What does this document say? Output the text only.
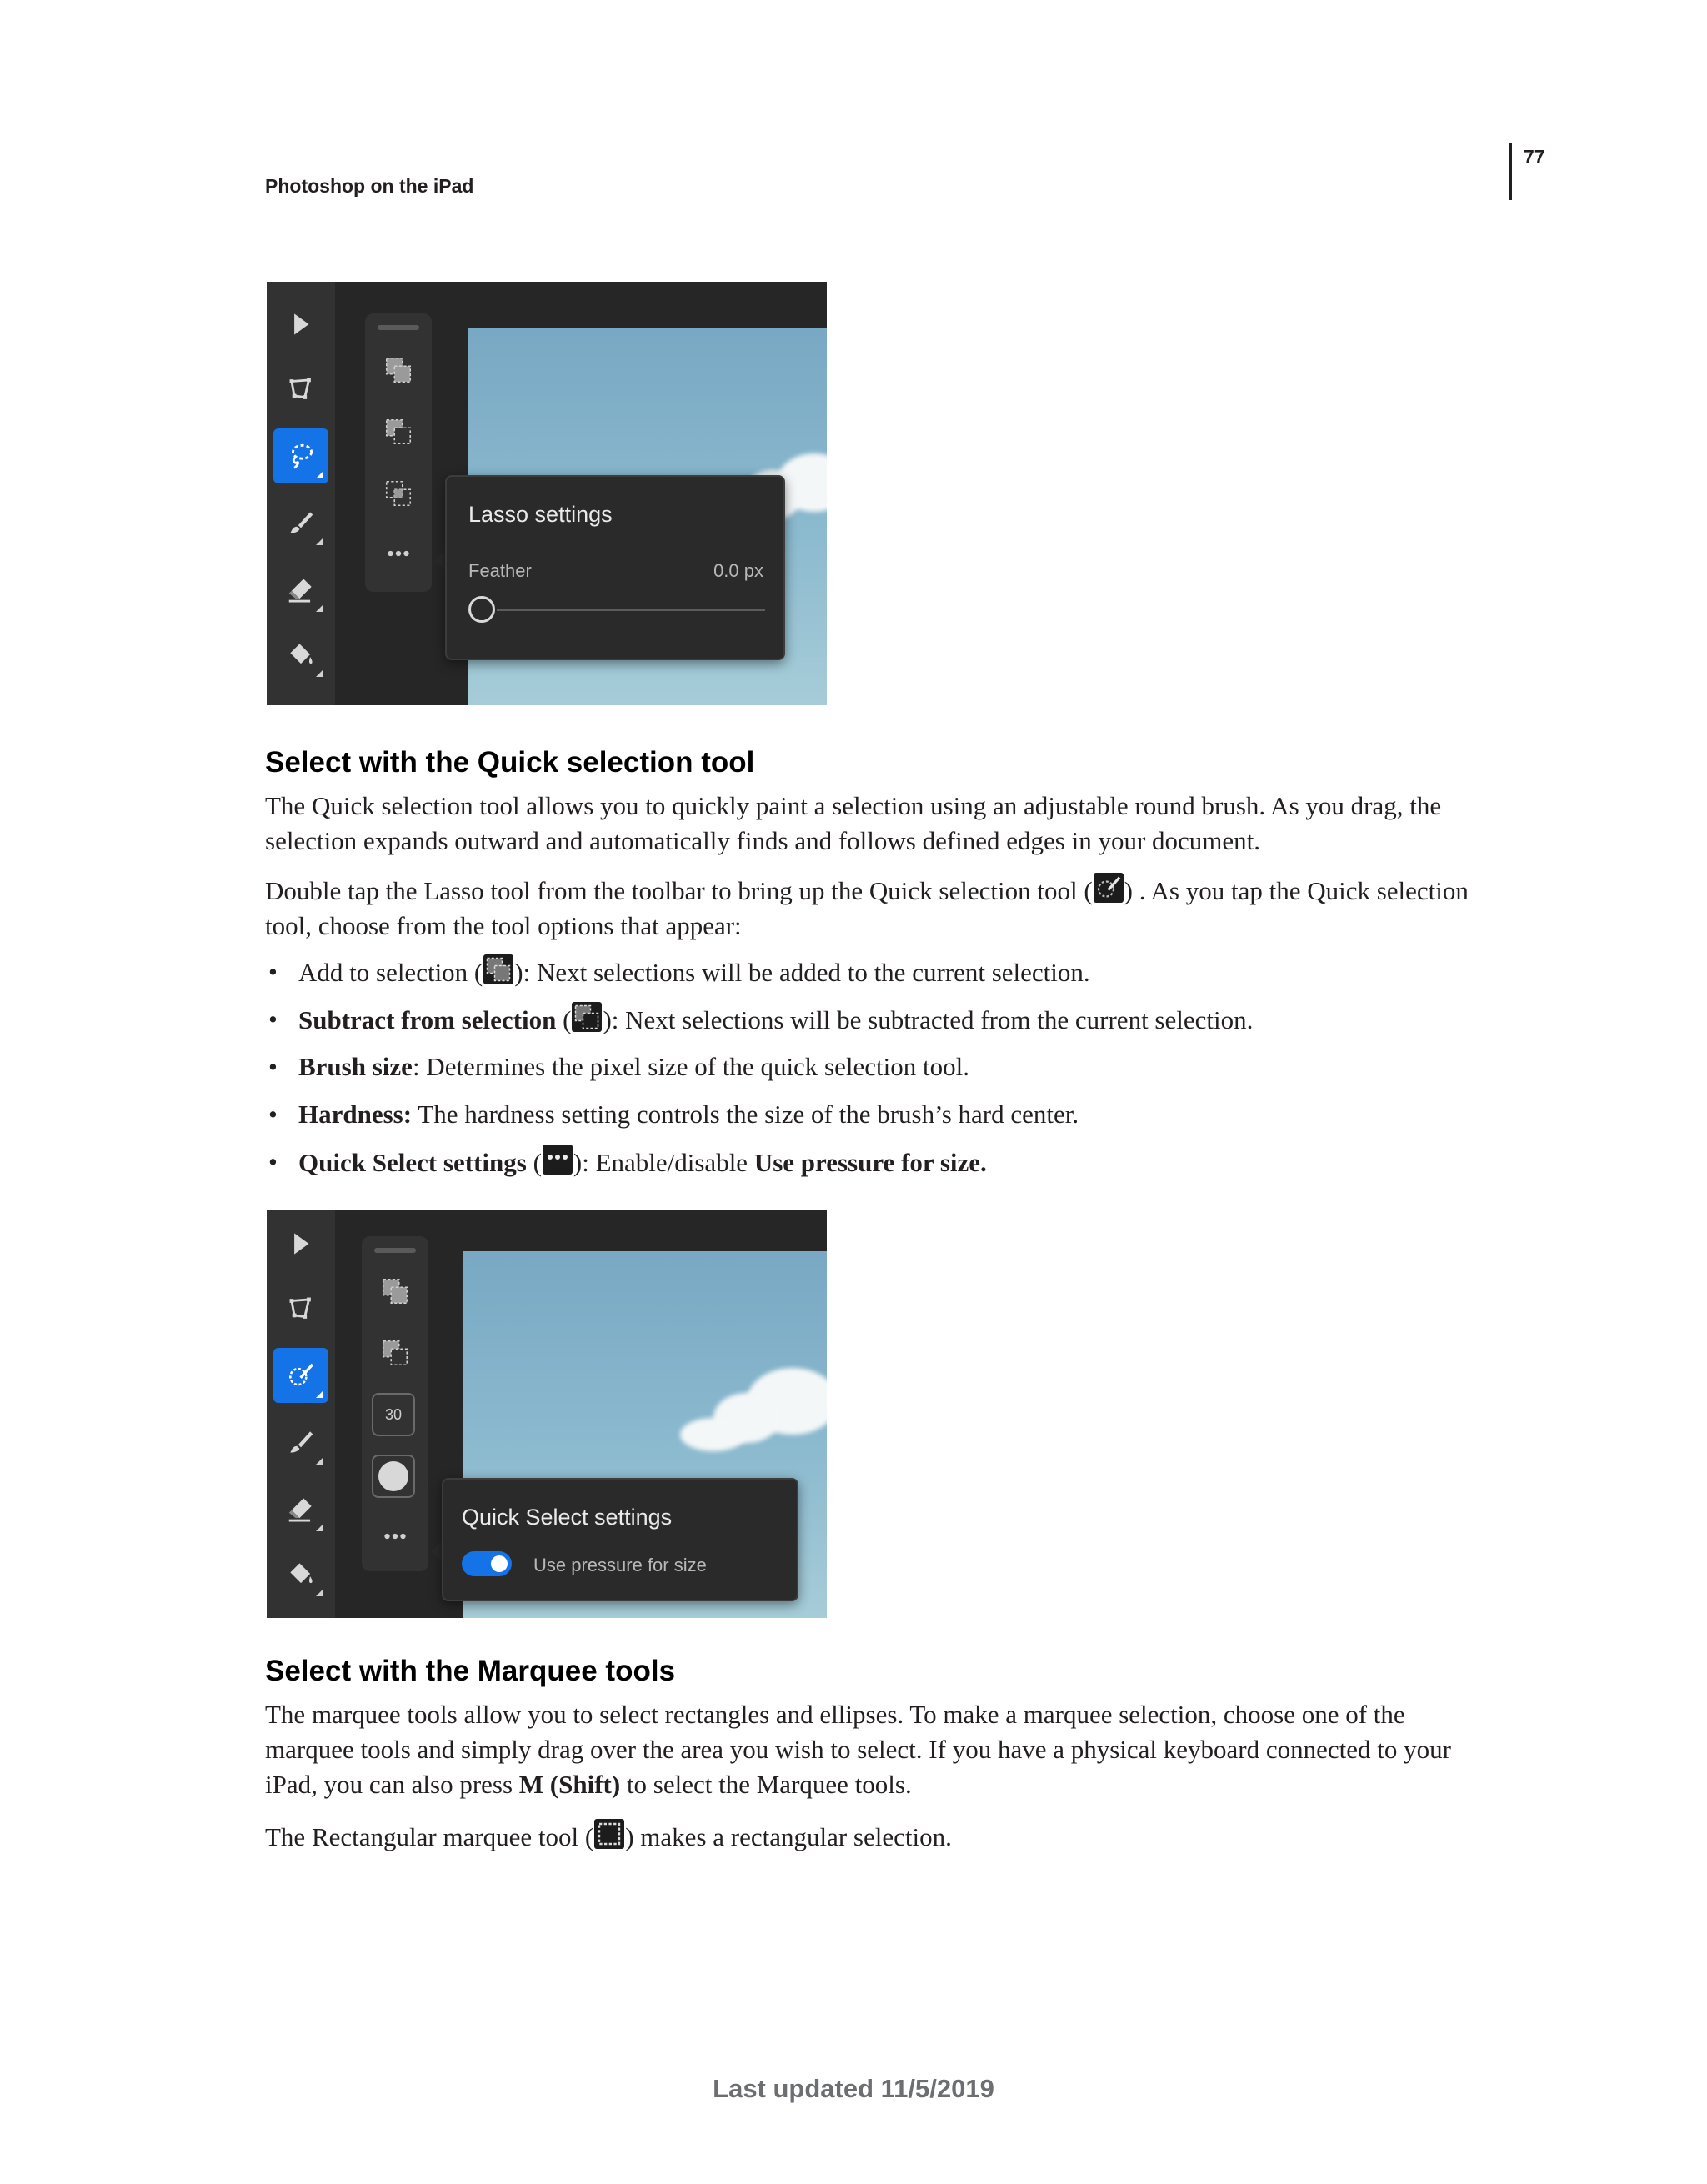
Photoshop on the iPad
77
Lasso settings
Feather	0.0 px
Select with the Quick selection tool

The Quick selection tool allows you to quickly paint a selection using an adjustable round brush. As you drag, the selection expands outward and automatically finds and follows defined edges in your document.

Double tap the Lasso tool from the toolbar to bring up the Quick selection tool ( ) . As you tap the Quick selection tool, choose from the tool options that appear:

• Add to selection ( ): Next selections will be added to the current selection.
• Subtract from selection ( ): Next selections will be subtracted from the current selection.
• Brush size: Determines the pixel size of the quick selection tool.
• Hardness: The hardness setting controls the size of the brush’s hard center.
• Quick Select settings ( ): Enable/disable Use pressure for size.
30
Quick Select settings
Use pressure for size
Select with the Marquee tools

The marquee tools allow you to select rectangles and ellipses. To make a marquee selection, choose one of the marquee tools and simply drag over the area you wish to select. If you have a physical keyboard connected to your iPad, you can also press M (Shift) to select the Marquee tools.

The Rectangular marquee tool ( ) makes a rectangular selection.

Last updated 11/5/2019
